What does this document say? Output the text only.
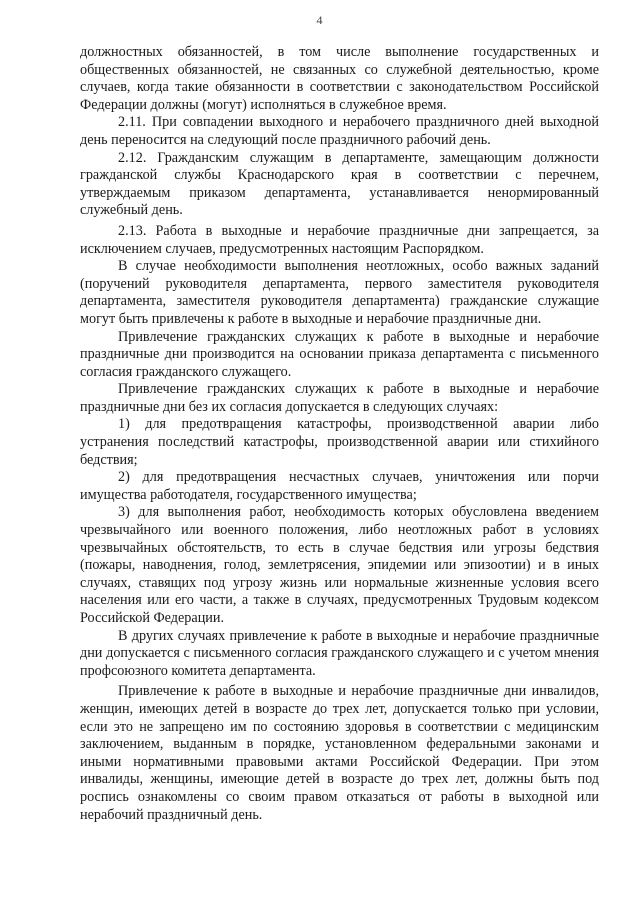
4

должностных обязанностей, в том числе выполнение государственных и общественных обязанностей, не связанных со служебной деятельностью, кроме случаев, когда такие обязанности в соответствии с законодательством Российской Федерации должны (могут) исполняться в служебное время.

2.11. При совпадении выходного и нерабочего праздничного дней выходной день переносится на следующий после праздничного рабочий день.

2.12. Гражданским служащим в департаменте, замещающим должности гражданской службы Краснодарского края в соответствии с перечнем, утверждаемым приказом департамента, устанавливается ненормированный служебный день.

2.13. Работа в выходные и нерабочие праздничные дни запрещается, за исключением случаев, предусмотренных настоящим Распорядком.

В случае необходимости выполнения неотложных, особо важных заданий (поручений руководителя департамента, первого заместителя руководителя департамента, заместителя руководителя департамента) гражданские служащие могут быть привлечены к работе в выходные и нерабочие праздничные дни.

Привлечение гражданских служащих к работе в выходные и нерабочие праздничные дни производится на основании приказа департамента с письменного согласия гражданского служащего.

Привлечение гражданских служащих к работе в выходные и нерабочие праздничные дни без их согласия допускается в следующих случаях:

1) для предотвращения катастрофы, производственной аварии либо устранения последствий катастрофы, производственной аварии или стихийного бедствия;

2) для предотвращения несчастных случаев, уничтожения или порчи имущества работодателя, государственного имущества;

3) для выполнения работ, необходимость которых обусловлена введением чрезвычайного или военного положения, либо неотложных работ в условиях чрезвычайных обстоятельств, то есть в случае бедствия или угрозы бедствия (пожары, наводнения, голод, землетрясения, эпидемии или эпизоотии) и в иных случаях, ставящих под угрозу жизнь или нормальные жизненные условия всего населения или его части, а также в случаях, предусмотренных Трудовым кодексом Российской Федерации.

В других случаях привлечение к работе в выходные и нерабочие праздничные дни допускается с письменного согласия гражданского служащего и с учетом мнения профсоюзного комитета департамента.

Привлечение к работе в выходные и нерабочие праздничные дни инвалидов, женщин, имеющих детей в возрасте до трех лет, допускается только при условии, если это не запрещено им по состоянию здоровья в соответствии с медицинским заключением, выданным в порядке, установленном федеральными законами и иными нормативными правовыми актами Российской Федерации. При этом инвалиды, женщины, имеющие детей в возрасте до трех лет, должны быть под роспись ознакомлены со своим правом отказаться от работы в выходной или нерабочий праздничный день.
